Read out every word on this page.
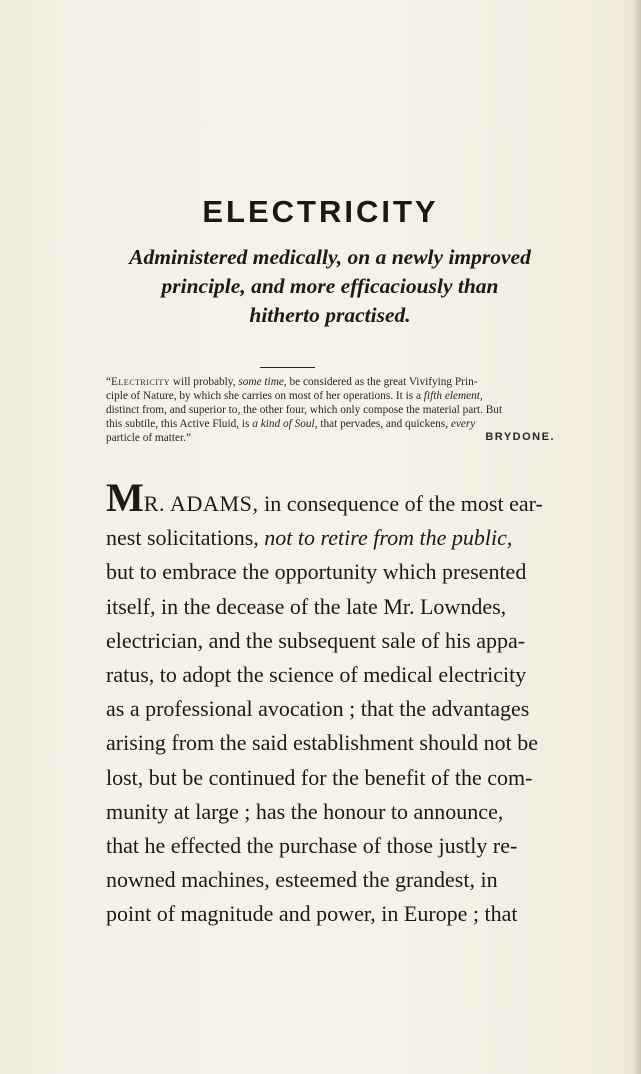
ELECTRICITY
Administered medically, on a newly improved
principle, and more efficaciously than
hitherto practised.
“Electricity will probably, some time, be considered as the great Vivifying Prin-
ciple of Nature, by which she carries on most of her operations. It is a fifth element,
distinct from, and superior to, the other four, which only compose the material part. But
this subtile, this Active Fluid, is a kind of Soul, that pervades, and quickens, every
particle of matter.”	BRYDONE.
MR. ADAMS, in consequence of the most ear-
nest solicitations, not to retire from the public,
but to embrace the opportunity which presented
itself, in the decease of the late Mr. Lowndes,
electrician, and the subsequent sale of his appa-
ratus, to adopt the science of medical electricity
as a professional avocation ; that the advantages
arising from the said establishment should not be
lost, but be continued for the benefit of the com-
munity at large ; has the honour to announce,
that he effected the purchase of those justly re-
nowned machines, esteemed the grandest, in
point of magnitude and power, in Europe ; that
